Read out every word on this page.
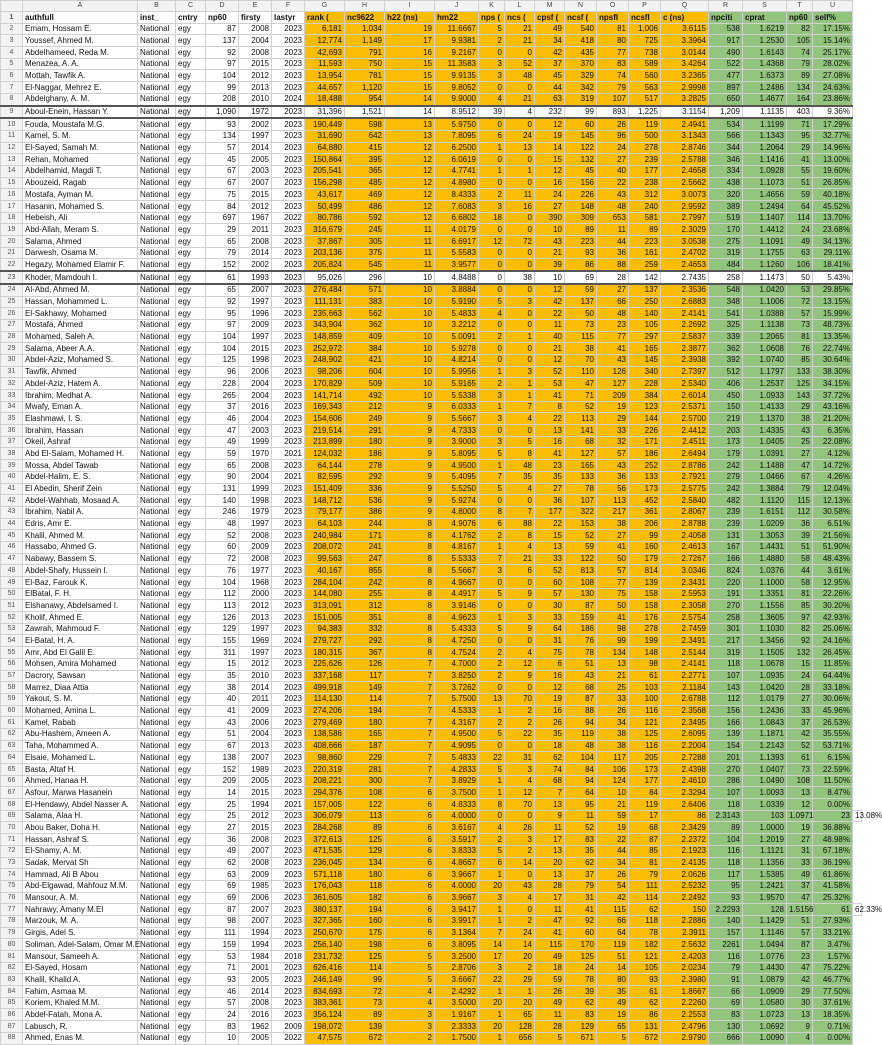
	A	B	C	D	E	F	G	H	I	J	K	L	M	N	O	P	Q	R	S	T	U	
1	authfull	inst_	cntry	np60	firsty	lastyr	rank (	nc9622	h22 (ns)	hm22	nps (	ncs (	cpsf (	ncsf (	npsfl	ncsfl	c (ns)	npciti	cprat	np60	self%	
2	Emam, Hossam E.	National	egy	87	2008	2023	6,181	1,034	19	11.6667	5	21	49	540	81	1,006	3.6115	538	1.6219	82	17.15%	
3	Youssef, Ahmed M.	National	egy	137	2004	2023	12,774	1,149	17	9.9381	2	21	34	418	80	725	3.3964	917	1.2530	105	15.14%	
4	Abdelhameed, Reda M.	National	egy	92	2008	2023	42,693	791	16	9.2167	0	0	42	435	77	738	3.0144	490	1.6143	74	25.17%	
5	Menazea, A. A.	National	egy	97	2015	2023	11,593	750	15	11.3583	3	52	37	370	83	589	3.4264	522	1.4368	79	28.02%	
6	Mottah, Tawfik A.	National	egy	104	2012	2023	13,954	781	15	9.9135	3	48	45	329	74	560	3.2365	477	1.6373	89	27.08%	
7	El-Naggar, Mehrez E.	National	egy	99	2013	2023	44,657	1,120	15	9.8052	0	0	44	342	79	563	2.9998	897	1.2486	134	24.63%	
8	Abdelghany, A. M.	National	egy	208	2010	2024	18,488	954	14	9.9000	4	21	63	319	107	517	3.2825	650	1.4677	164	23.86%	
9	Aboul-Enein, Hassan Y.	National	egy	1,090	1972	2023	31,396	1,521	14	8.9512	39	4	232	99	893	1,225	3.1154	1,209	1.1135	403	9.36%	
10	Fouda, Moustafa M.G.	National	egy	93	2002	2023	190,449	598	13	5.9750	0	0	12	60	26	119	2.4941	534	1.1199	71	17.29%	
11	Kamel, S. M.	National	egy	134	1997	2023	31,690	642	13	7.8095	6	24	19	145	96	500	3.1343	566	1.1343	95	32.77%	
12	El-Sayed, Samah M.	National	egy	57	2014	2023	64,880	415	12	6.2500	1	13	14	122	24	278	2.8746	344	1.2064	29	14.96%	
13	Rehan, Mohamed	National	egy	45	2005	2023	150,864	395	12	6.0619	0	0	15	132	27	239	2.5788	346	1.1416	41	13.00%	
14	Abdelhamid, Magdi T.	National	egy	67	2003	2023	205,541	365	12	4.7741	1	1	12	45	40	177	2.4658	334	1.0928	55	19.60%	
15	Abouzeid, Ragab	National	egy	67	2007	2023	156,298	485	12	4.8980	0	0	16	156	22	238	2.5662	438	1.1073	51	26.85%	
16	Mostafa, Ayman M.	National	egy	75	2015	2023	43,617	469	12	8.4333	2	11	24	226	43	312	3.0073	320	1.4656	59	40.18%	
17	Hasanin, Mohamed S.	National	egy	84	2012	2023	50,499	486	12	7.6083	3	16	27	148	48	240	2.9592	389	1.2494	64	45.52%	
18	Hebeish, Ali	National	egy	697	1967	2022	80,786	592	12	6.6802	18	0	390	309	653	581	2.7997	519	1.1407	114	13.70%	
19	Abd-Allah, Meram S.	National	egy	29	2011	2023	316,679	245	11	4.0179	0	0	10	89	11	89	2.3029	170	1.4412	24	23.68%	
20	Salama, Ahmed	National	egy	65	2008	2023	37,867	305	11	6.6917	12	72	43	223	44	223	3.0538	275	1.1091	49	34.13%	
21	Darwesh, Osama M.	National	egy	79	2014	2023	203,136	375	11	5.5583	0	0	21	93	36	161	2.4702	319	1.1755	63	29.11%	
22	Hegazy, Mohamed Elamir F.	National	egy	152	2002	2023	205,824	545	11	3.9577	0	0	39	86	88	259	2.4653	484	1.1260	106	18.41%	
23	Khoder, Mamdouh I.	National	egy	61	1993	2023	95,026	296	10	4.8488	0	38	10	69	28	142	2.7435	258	1.1473	50	5.43%	
24	Al-Abd, Ahmed M.	National	egy	65	2007	2023	276,484	571	10	3.8884	0	0	12	59	27	137	2.3536	548	1.0420	53	29.85%	
25	Hassan, Mohammed L.	National	egy	92	1997	2023	111,131	383	10	5.9190	5	3	42	137	66	250	2.6883	348	1.1006	72	13.15%	
26	El-Sakhawy, Mohamed	National	egy	95	1996	2023	235,663	562	10	5.4833	4	0	22	50	48	140	2.4141	541	1.0388	57	15.99%	
27	Mostafa, Ahmed	National	egy	97	2009	2023	343,904	362	10	3.2212	0	0	11	73	23	105	2.2692	325	1.1138	73	48.73%	
28	Mohamed, Saleh A.	National	egy	104	1997	2023	148,859	409	10	5.0091	2	1	40	115	77	297	2.5837	339	1.2065	81	13.35%	
29	Salama, Abeer A.A.	National	egy	104	2015	2023	252,972	384	10	5.9278	0	0	21	38	41	165	2.3877	362	1.0608	76	22.74%	
30	Abdel-Aziz, Mohamed S.	National	egy	125	1998	2023	248,902	421	10	4.8214	0	0	12	70	43	145	2.3938	392	1.0740	85	30.64%	
31	Tawfik, Ahmed	National	egy	96	2006	2023	98,206	604	10	5.9956	1	3	52	110	126	340	2.7397	512	1.1797	133	38.30%	
32	Abdel-Aziz, Hatem A.	National	egy	228	2004	2023	170,829	509	10	5.9165	2	1	53	47	127	228	2.5340	406	1.2537	125	34.15%	
33	Ibrahim, Medhat A.	National	egy	265	2004	2023	141,714	492	10	5.5338	3	1	41	71	209	384	2.6014	450	1.0933	143	37.72%	
34	Mwafy, Eman A.	National	egy	37	2016	2023	169,343	212	9	6.0333	1	7	8	52	19	123	2.5371	150	1.4133	29	43.16%	
35	Elashmawi, I. S.	National	egy	46	2004	2023	154,606	249	9	5.5667	3	4	22	113	29	144	2.5700	219	1.1370	38	21.20%	
36	Ibrahim, Hassan	National	egy	47	2003	2023	219,514	291	9	4.7333	0	0	13	141	33	226	2.4412	203	1.4335	43	6.35%	
37	Okeil, Ashraf	National	egy	49	1999	2023	213,899	180	9	3.9000	3	5	16	68	32	171	2.4511	173	1.0405	25	22.08%	
38	Abd El-Salam, Mohamed H.	National	egy	59	1970	2021	124,032	186	9	5.8095	5	8	41	127	57	186	2.6494	179	1.0391	27	4.12%	
39	Mossa, Abdel Tawab	National	egy	65	2008	2023	64,144	278	9	4.9500	1	48	23	165	43	252	2.8786	242	1.1488	47	14.72%	
40	Abdel-Halim, E. S.	National	egy	90	2004	2021	82,595	292	9	5.4095	7	35	35	133	36	133	2.7921	279	1.0466	67	4.26%	
41	El Abedin, Sherif Zein	National	egy	131	1999	2023	151,409	336	9	5.5250	5	4	27	78	56	173	2.5775	242	1.3884	79	12.04%	
42	Abdel-Wahhab, Mosaad A.	National	egy	140	1998	2023	148,712	536	9	5.9274	0	0	36	107	113	452	2.5840	482	1.1120	115	12.13%	
43	Ibrahim, Nabil A.	National	egy	246	1979	2023	79,177	386	9	4.8000	8	7	177	322	217	361	2.8067	239	1.6151	112	30.58%	
44	Edris, Amr E.	National	egy	48	1997	2023	64,103	244	8	4.9076	6	88	22	153	38	206	2.8788	239	1.0209	36	6.51%	
45	Khalil, Ahmed M.	National	egy	52	2008	2023	240,984	171	8	4.1762	2	8	15	52	27	99	2.4058	131	1.3053	39	21.56%	
46	Hassabo, Ahmed G.	National	egy	60	2009	2023	208,072	241	8	4.8167	1	4	13	59	41	160	2.4613	167	1.4431	51	51.90%	
47	Nabawy, Bassem S.	National	egy	72	2008	2023	99,563	247	8	5.5333	7	21	33	122	50	179	2.7267	166	1.4880	58	48.43%	
48	Abdel-Shafy, Hussein I.	National	egy	76	1977	2023	40,167	855	8	5.5667	3	6	52	813	57	814	3.0346	824	1.0376	44	3.61%	
49	El-Baz, Farouk K.	National	egy	104	1968	2023	284,104	242	8	4.9667	0	0	60	108	77	139	2.3431	220	1.1000	58	12.95%	
50	ElBatal, F. H.	National	egy	112	2000	2023	144,080	255	8	4.4917	5	9	57	130	75	158	2.5953	191	1.3351	81	22.26%	
51	Elshanawy, Abdelsamed I.	National	egy	113	2012	2023	313,091	312	8	3.9146	0	0	30	87	50	158	2.3058	270	1.1556	85	30.20%	
52	Kholif, Ahmed E.	National	egy	126	2013	2023	151,005	351	8	4.9623	1	3	33	159	41	176	2.5754	258	1.3605	97	42.93%	
53	Zawrah, Mahmoud F.	National	egy	129	1997	2023	94,383	332	8	5.4333	5	9	64	186	98	278	2.7459	301	1.1030	82	25.06%	
54	El-Batal, H. A.	National	egy	155	1969	2024	279,727	292	8	4.7250	0	0	31	76	99	199	2.3491	217	1.3456	92	24.16%	
55	Amr, Abd El Galil E.	National	egy	311	1997	2023	180,315	367	8	4.7524	2	4	75	78	134	148	2.5144	319	1.1505	132	26.45%	
56	Mohsen, Amira Mohamed	National	egy	15	2012	2023	225,626	126	7	4.7000	2	12	6	51	13	98	2.4141	118	1.0678	15	11.85%	
57	Dacrory, Sawsan	National	egy	35	2010	2023	337,168	117	7	3.8250	2	9	16	43	21	61	2.2771	107	1.0935	24	64.44%	
58	Marrez, Diaa Attia	National	egy	38	2014	2023	499,918	149	7	3.7262	0	0	12	68	25	103	2.1184	143	1.0420	28	33.18%	
59	Yakout, S. M.	National	egy	40	2011	2023	114,130	114	7	5.7500	13	70	19	87	33	100	2.6788	112	1.0179	27	30.06%	
60	Mohamed, Amina L.	National	egy	41	2009	2023	274,206	194	7	4.5333	1	2	16	88	26	116	2.3568	156	1.2436	33	45.96%	
61	Kamel, Rabab	National	egy	43	2006	2023	279,469	180	7	4.3167	2	2	26	94	34	121	2.3495	166	1.0843	37	26.53%	
62	Abu-Hashem, Ameen A.	National	egy	51	2004	2023	138,586	165	7	4.9500	5	22	35	119	38	125	2.6095	139	1.1871	42	35.55%	
63	Taha, Mohammed A.	National	egy	67	2013	2023	408,666	187	7	4.9095	0	0	18	48	38	116	2.2004	154	1.2143	52	53.71%	
64	Elsaie, Mohamed L.	National	egy	138	2007	2023	98,860	229	7	5.4833	22	31	62	104	117	205	2.7288	201	1.1393	61	6.15%	
65	Basta, Altaf H.	National	egy	152	1989	2023	220,319	281	7	4.2833	5	3	74	84	106	173	2.4398	270	1.0407	73	22.59%	
66	Ahmed, Hanaa H.	National	egy	209	2005	2023	208,221	300	7	3.8929	1	4	68	94	124	177	2.4610	286	1.0490	108	11.50%	
67	Asfour, Marwa Hasanein	National	egy	14	2015	2023	294,376	108	6	3.7500	1	12	7	64	10	84	2.3294	107	1.0093	13	8.47%	
68	El-Hendawy, Abdel Nasser A.	National	egy	25	1994	2021	157,005	122	6	4.8333	8	70	13	95	21	119	2.6406	118	1.0339	12	0.00%	
69	Salama, Alaa H.	National	egy	25	2012	2023	306,079	113	6	4.0000	0	0	9	11	59	17	86	2.3143	103	1.0971	23	13.08%
70	Abou Baker, Doha H.	National	egy	27	2015	2023	284,268	89	6	3.6167	4	26	11	52	19	68	2.3429	89	1.0000	19	36.88%	
71	Hassan, Ashraf S.	National	egy	36	2008	2023	372,613	125	6	3.5917	2	3	17	83	22	87	2.2372	104	1.2019	27	48.98%	
72	El-Shamy, A. M.	National	egy	49	2007	2023	471,535	129	6	3.8333	5	2	13	35	44	85	2.1923	116	1.1121	31	67.18%	
73	Sadak, Mervat Sh	National	egy	62	2008	2023	236,045	134	6	4.8667	6	14	20	62	34	81	2.4135	118	1.1356	33	36.19%	
74	Hammad, Ali B Abou	National	egy	63	2009	2023	571,118	180	6	3.9667	1	0	13	37	26	79	2.0626	117	1.5385	49	61.86%	
75	Abd-Elgawad, Mahfouz M.M.	National	egy	69	1985	2023	176,043	118	6	4.0000	20	43	28	79	54	111	2.5232	95	1.2421	37	41.58%	
76	Mansour, A. M.	National	egy	69	2006	2023	361,605	182	6	3.9667	3	4	17	31	42	114	2.2492	93	1.9570	47	25.32%	
77	Nahrawy, Amany M.El	National	egy	87	2007	2023	380,137	194	6	3.9417	1	0	11	41	115	62	150	2.2293	128	1.5156	61	62.33%
78	Marzouk, M. A.	National	egy	98	2007	2023	327,365	160	6	3.9917	1	2	47	92	66	118	2.2886	140	1.1429	51	27.93%	
79	Girgis, Adel S.	National	egy	111	1994	2023	250,670	175	6	3.1364	7	24	41	60	64	78	2.3911	157	1.1146	57	33.21%	
80	Soliman, Adel-Salam, Omar M.E.	National	egy	159	1994	2023	256,140	198	6	3.8095	14	14	115	170	119	182	2.5632	2261	1.0494	87	3.47%	
81	Mansour, Sameeh A.	National	egy	53	1984	2018	231,732	125	5	3.2500	17	20	49	125	51	121	2.4203	116	1.0776	23	1.57%	
82	El-Sayed, Hosam	National	egy	71	2001	2023	626,416	114	5	2.8706	3	2	18	24	14	105	2.0234	79	1.4430	47	75.22%	
83	Khalil, Khalid A.	National	egy	93	2005	2023	246,149	99	5	3.6667	22	29	59	78	80	93	2.3980	91	1.0879	42	46.77%	
84	Fahim, Asmaa M.	National	egy	46	2014	2023	834,693	72	4	2.4292	1	1	26	39	35	61	1.8667	66	1.0909	29	77.50%	
85	Koriem, Khaled M.M.	National	egy	57	2008	2023	383,361	73	4	3.5000	20	20	49	62	49	62	2.2260	69	1.0580	30	37.61%	
86	Abdel-Fatah, Mona A.	National	egy	24	2016	2023	356,124	89	3	1.9167	1	65	11	83	19	86	2.2553	83	1.0723	13	18.35%	
87	Labusch, R.	National	egy	83	1962	2009	198,072	139	3	2.3333	20	128	28	129	65	131	2.4796	130	1.0692	9	0.71%	
88	Ahmed, Enas M.	National	egy	10	2005	2022	47,575	672	2	1.7500	1	656	5	671	5	672	2.9790	666	1.0090	4	0.00%	
